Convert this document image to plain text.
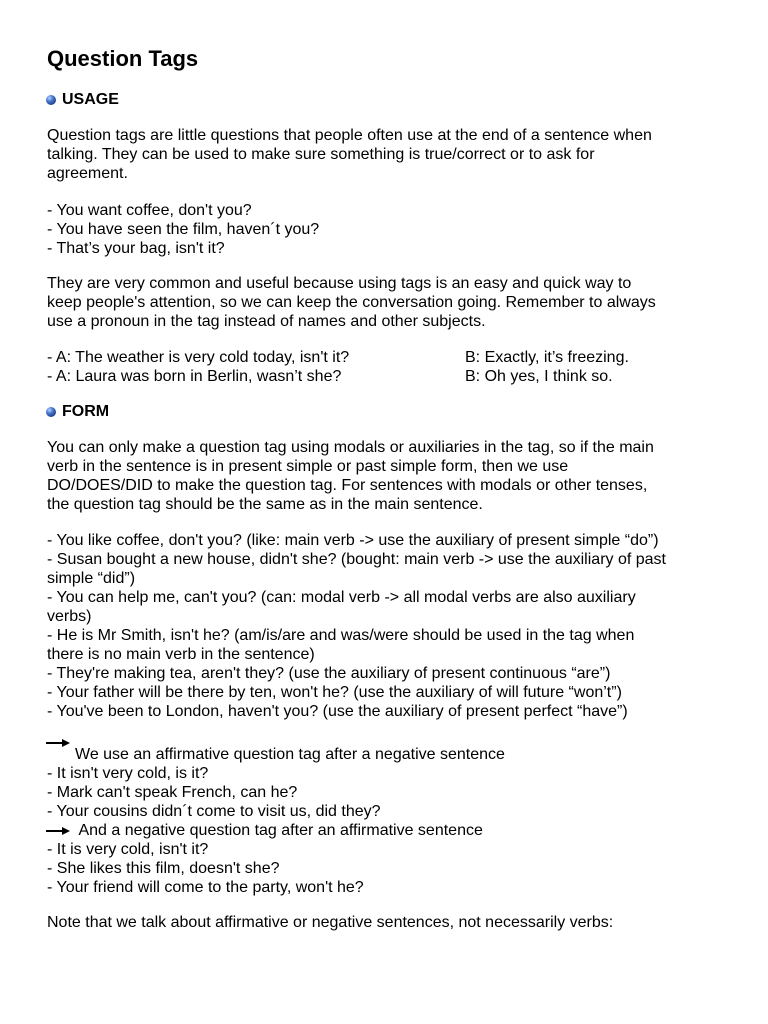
Question Tags
USAGE
Question tags are little questions that people often use at the end of a sentence when
talking. They can be used to make sure something is true/correct or to ask for
agreement.
- You want coffee, don't you?
- You have seen the film, haven´t you?
- That’s your bag, isn't it?
They are very common and useful because using tags is an easy and quick way to
keep people's attention, so we can keep the conversation going. Remember to always
use a pronoun in the tag instead of names and other subjects.
- A: The weather is very cold today, isn't it?	B: Exactly, it’s freezing.
- A: Laura was born in Berlin, wasn’t she?	B: Oh yes, I think so.
FORM
You can only make a question tag using modals or auxiliaries in the tag, so if the main
verb in the sentence is in present simple or past simple form, then we use
DO/DOES/DID to make the question tag. For sentences with modals or other tenses,
the question tag should be the same as in the main sentence.
- You like coffee, don't you? (like: main verb -> use the auxiliary of present simple “do”)
- Susan bought a new house, didn't she? (bought: main verb -> use the auxiliary of past
simple “did”)
- You can help me, can't you? (can: modal verb -> all modal verbs are also auxiliary
verbs)
- He is Mr Smith, isn't he? (am/is/are and was/were should be used in the tag when
there is no main verb in the sentence)
- They're making tea, aren't they? (use the auxiliary of present continuous “are”)
- Your father will be there by ten, won't he? (use the auxiliary of will future “won’t”)
- You've been to London, haven't you? (use the auxiliary of present perfect “have”)
We use an affirmative question tag after a negative sentence
- It isn't very cold, is it?
- Mark can't speak French, can he?
- Your cousins didn´t come to visit us, did they?
And a negative question tag after an affirmative sentence
- It is very cold, isn't it?
- She likes this film, doesn't she?
- Your friend will come to the party, won't he?
Note that we talk about affirmative or negative sentences, not necessarily verbs:
